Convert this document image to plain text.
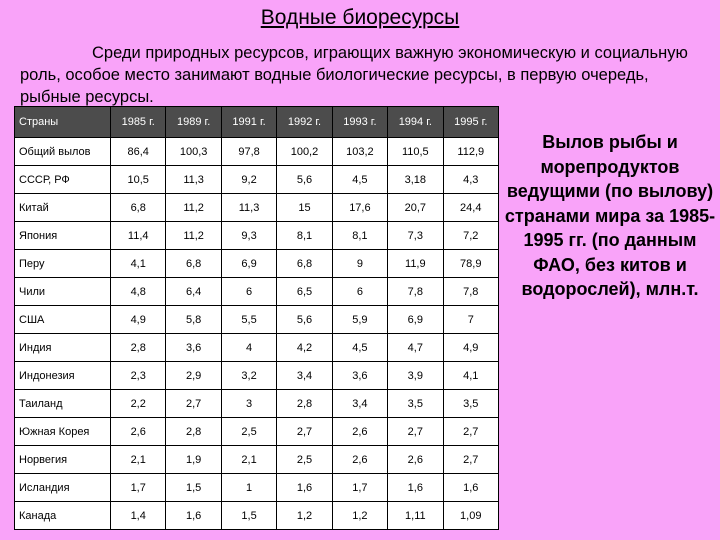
Водные биоресурсы
Среди природных ресурсов, играющих важную экономическую и социальную роль, особое место занимают водные биологические ресурсы, в первую очередь, рыбные ресурсы.
Страны	1985 г.	1989 г.	1991 г.	1992 г.	1993 г.	1994 г.	1995 г.
Общий вылов	86,4	100,3	97,8	100,2	103,2	110,5	112,9
СССР, РФ	10,5	11,3	9,2	5,6	4,5	3,18	4,3
Китай	6,8	11,2	11,3	15	17,6	20,7	24,4
Япония	11,4	11,2	9,3	8,1	8,1	7,3	7,2
Перу	4,1	6,8	6,9	6,8	9	11,9	78,9
Чили	4,8	6,4	6	6,5	6	7,8	7,8
США	4,9	5,8	5,5	5,6	5,9	6,9	7
Индия	2,8	3,6	4	4,2	4,5	4,7	4,9
Индонезия	2,3	2,9	3,2	3,4	3,6	3,9	4,1
Таиланд	2,2	2,7	3	2,8	3,4	3,5	3,5
Южная Корея	2,6	2,8	2,5	2,7	2,6	2,7	2,7
Норвегия	2,1	1,9	2,1	2,5	2,6	2,6	2,7
Исландия	1,7	1,5	1	1,6	1,7	1,6	1,6
Канада	1,4	1,6	1,5	1,2	1,2	1,11	1,09
Вылов рыбы и морепродуктов ведущими (по вылову) странами мира за 1985-1995 гг. (по данным ФАО, без китов и водорослей), млн.т.
